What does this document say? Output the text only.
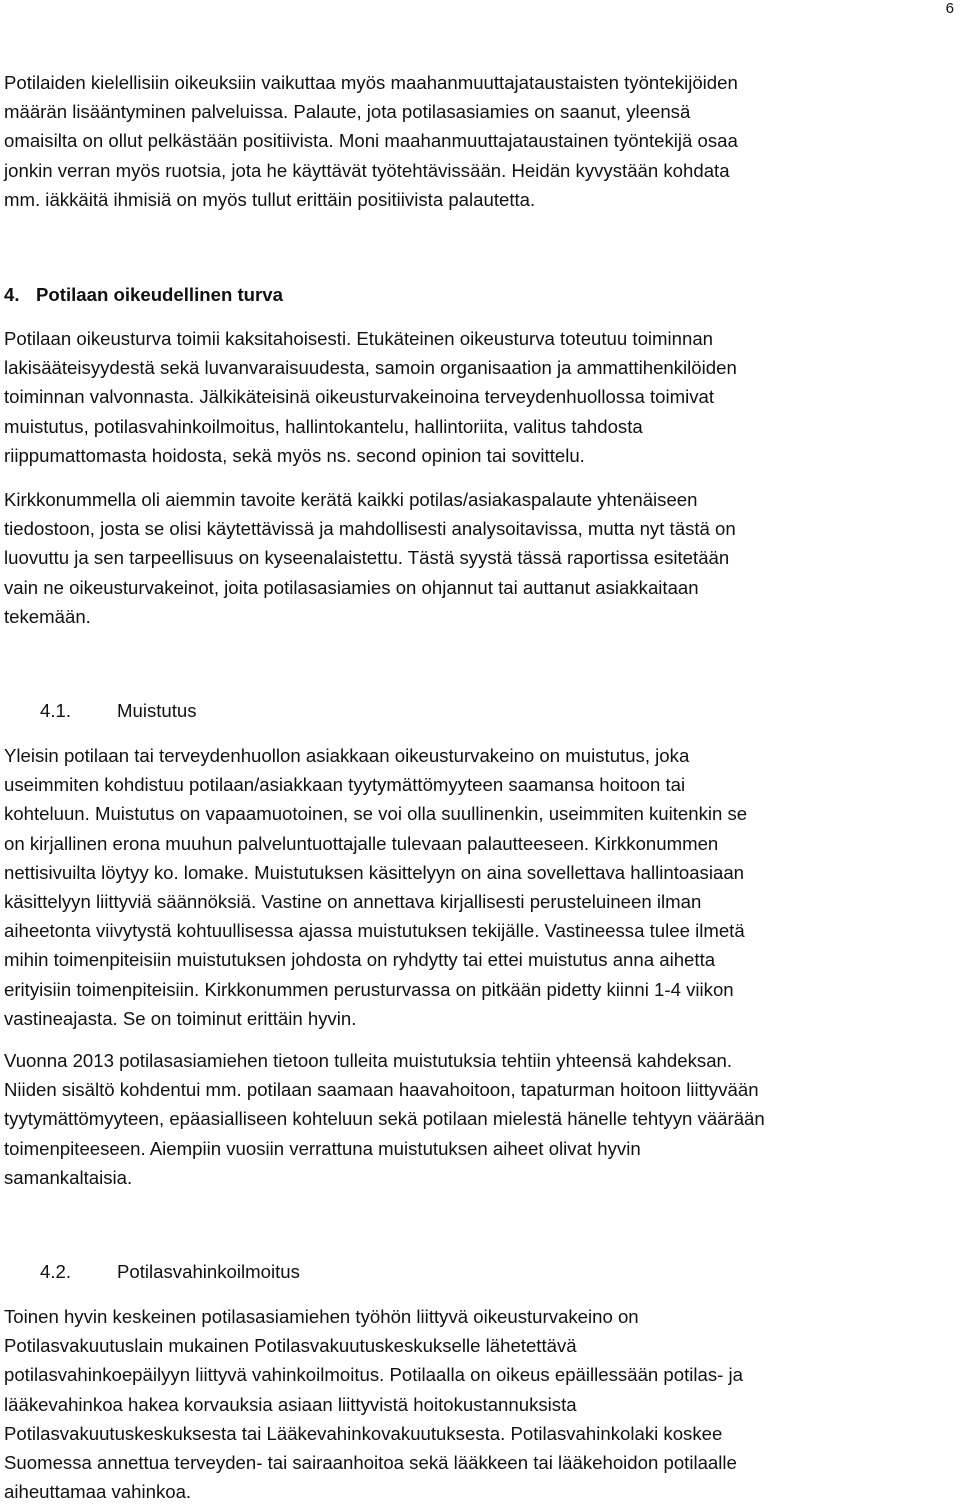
6
Potilaiden kielellisiin oikeuksiin vaikuttaa myös maahanmuuttajataustaisten työntekijöiden
määrän lisääntyminen palveluissa. Palaute, jota potilasasiamies on saanut, yleensä
omaisilta on ollut pelkästään positiivista. Moni maahanmuuttajataustainen työntekijä osaa
jonkin verran myös ruotsia, jota he käyttävät työtehtävissään. Heidän kyvystään kohdata
mm. iäkkäitä ihmisiä on myös tullut erittäin positiivista palautetta.
4. Potilaan oikeudellinen turva
Potilaan oikeusturva toimii kaksitahoisesti. Etukäteinen oikeusturva toteutuu toiminnan
lakisääteisyydestä sekä luvanvaraisuudesta, samoin organisaation ja ammattihenkilöiden
toiminnan valvonnasta. Jälkikäteisinä oikeusturvakeinoina terveydenhuollossa toimivat
muistutus, potilasvahinkoilmoitus, hallintokantelu, hallintoriita, valitus tahdosta
riippumattomasta hoidosta, sekä myös ns. second opinion tai sovittelu.
Kirkkonummella oli aiemmin tavoite kerätä kaikki potilas/asiakaspalaute yhtenäiseen
tiedostoon, josta se olisi käytettävissä ja mahdollisesti analysoitavissa, mutta nyt tästä on
luovuttu ja sen tarpeellisuus on kyseenalaistettu. Tästä syystä tässä raportissa esitetään
vain ne oikeusturvakeinot, joita potilasasiamies on ohjannut tai auttanut asiakkaitaan
tekemään.
4.1. Muistutus
Yleisin potilaan tai terveydenhuollon asiakkaan oikeusturvakeino on muistutus, joka
useimmiten kohdistuu potilaan/asiakkaan tyytymättömyyteen saamansa hoitoon tai
kohteluun. Muistutus on vapaamuotoinen, se voi olla suullinenkin, useimmiten kuitenkin se
on kirjallinen erona muuhun palveluntuottajalle tulevaan palautteeseen. Kirkkonummen
nettisivuilta löytyy ko. lomake. Muistutuksen käsittelyyn on aina sovellettava hallintoasiaan
käsittelyyn liittyviä säännöksiä. Vastine on annettava kirjallisesti perusteluineen ilman
aiheetonta viivytystä kohtuullisessa ajassa muistutuksen tekijälle. Vastineessa tulee ilmetä
mihin toimenpiteisiin muistutuksen johdosta on ryhdytty tai ettei muistutus anna aihetta
erityisiin toimenpiteisiin. Kirkkonummen perusturvassa on pitkään pidetty kiinni 1-4 viikon
vastineajasta. Se on toiminut erittäin hyvin.
Vuonna 2013 potilasasiamiehen tietoon tulleita muistutuksia tehtiin yhteensä kahdeksan.
Niiden sisältö kohdentui mm. potilaan saamaan haavahoitoon, tapaturman hoitoon liittyvään
tyytymättömyyteen, epäasialliseen kohteluun sekä potilaan mielestä hänelle tehtyyn väärään
toimenpiteeseen. Aiempiin vuosiin verrattuna muistutuksen aiheet olivat hyvin
samankaltaisia.
4.2. Potilasvahinkoilmoitus
Toinen hyvin keskeinen potilasasiamiehen työhön liittyvä oikeusturvakeino on
Potilasvakuutuslain mukainen Potilasvakuutuskeskukselle lähetettävä
potilasvahinkoepäilyyn liittyvä vahinkoilmoitus. Potilaalla on oikeus epäillessään potilas- ja
lääkevahinkoa hakea korvauksia asiaan liittyvistä hoitokustannuksista
Potilasvakuutuskeskuksesta tai Lääkevahinkovakuutuksesta. Potilasvahinkolaki koskee
Suomessa annettua terveyden- tai sairaanhoitoa sekä lääkkeen tai lääkehoidon potilaalle
aiheuttamaa vahinkoa.
